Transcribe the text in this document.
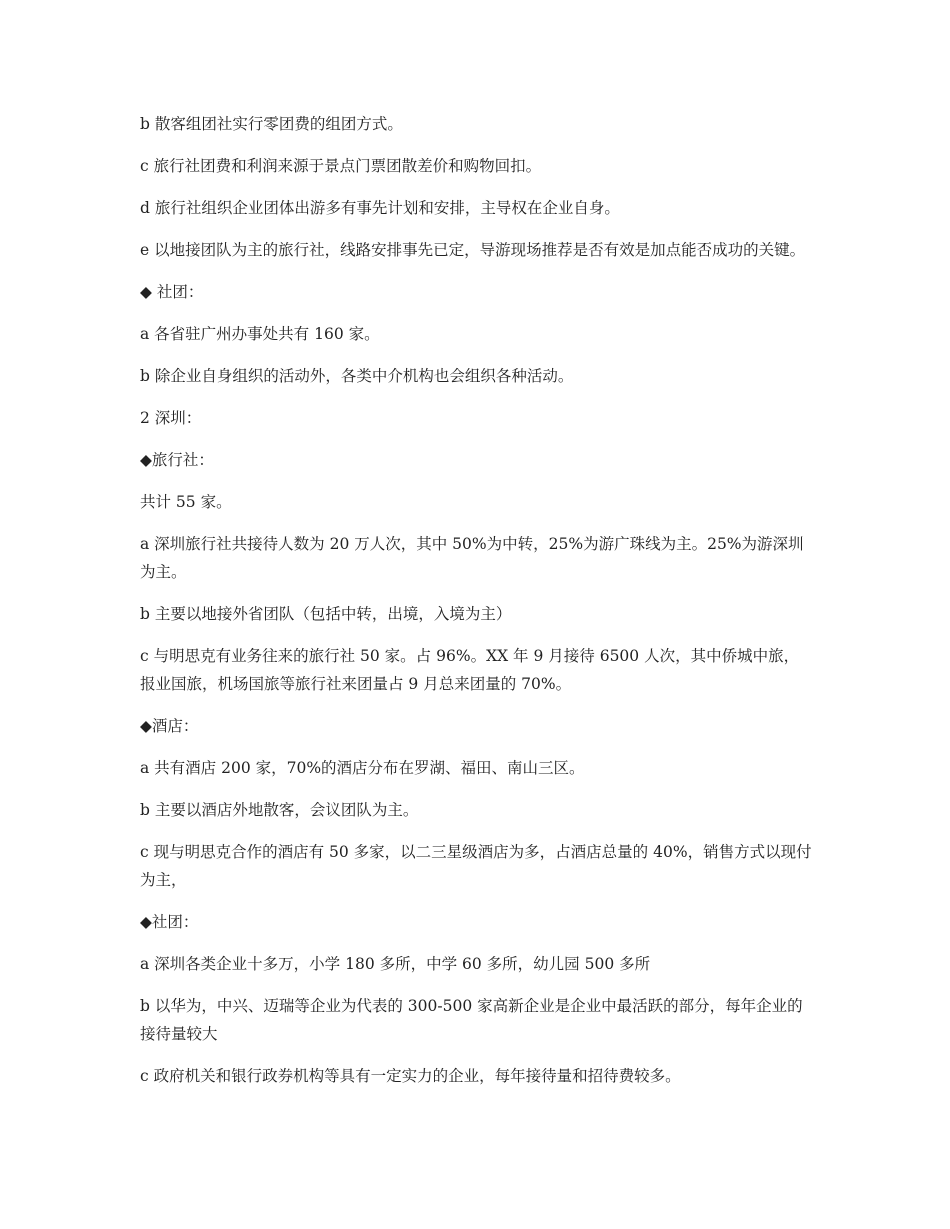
b 散客组团社实行零团费的组团方式。

c 旅行社团费和利润来源于景点门票团散差价和购物回扣。

d 旅行社组织企业团体出游多有事先计划和安排，主导权在企业自身。

e 以地接团队为主的旅行社，线路安排事先已定，导游现场推荐是否有效是加点能否成功的关键。

◆ 社团：

a 各省驻广州办事处共有 160 家。

b 除企业自身组织的活动外，各类中介机构也会组织各种活动。

2 深圳：

◆旅行社：

共计 55 家。

a 深圳旅行社共接待人数为 20 万人次，其中 50%为中转，25%为游广珠线为主。25%为游深圳为主。

b 主要以地接外省团队（包括中转，出境，入境为主）

c 与明思克有业务往来的旅行社 50 家。占 96%。XX 年 9 月接待 6500 人次，其中侨城中旅，报业国旅，机场国旅等旅行社来团量占 9 月总来团量的 70%。

◆酒店：

a 共有酒店 200 家，70%的酒店分布在罗湖、福田、南山三区。

b 主要以酒店外地散客，会议团队为主。

c 现与明思克合作的酒店有 50 多家，以二三星级酒店为多，占酒店总量的 40%，销售方式以现付为主，

◆社团：

a 深圳各类企业十多万，小学 180 多所，中学 60 多所，幼儿园 500 多所

b 以华为，中兴、迈瑞等企业为代表的 300-500 家高新企业是企业中最活跃的部分，每年企业的接待量较大

c 政府机关和银行政券机构等具有一定实力的企业，每年接待量和招待费较多。
